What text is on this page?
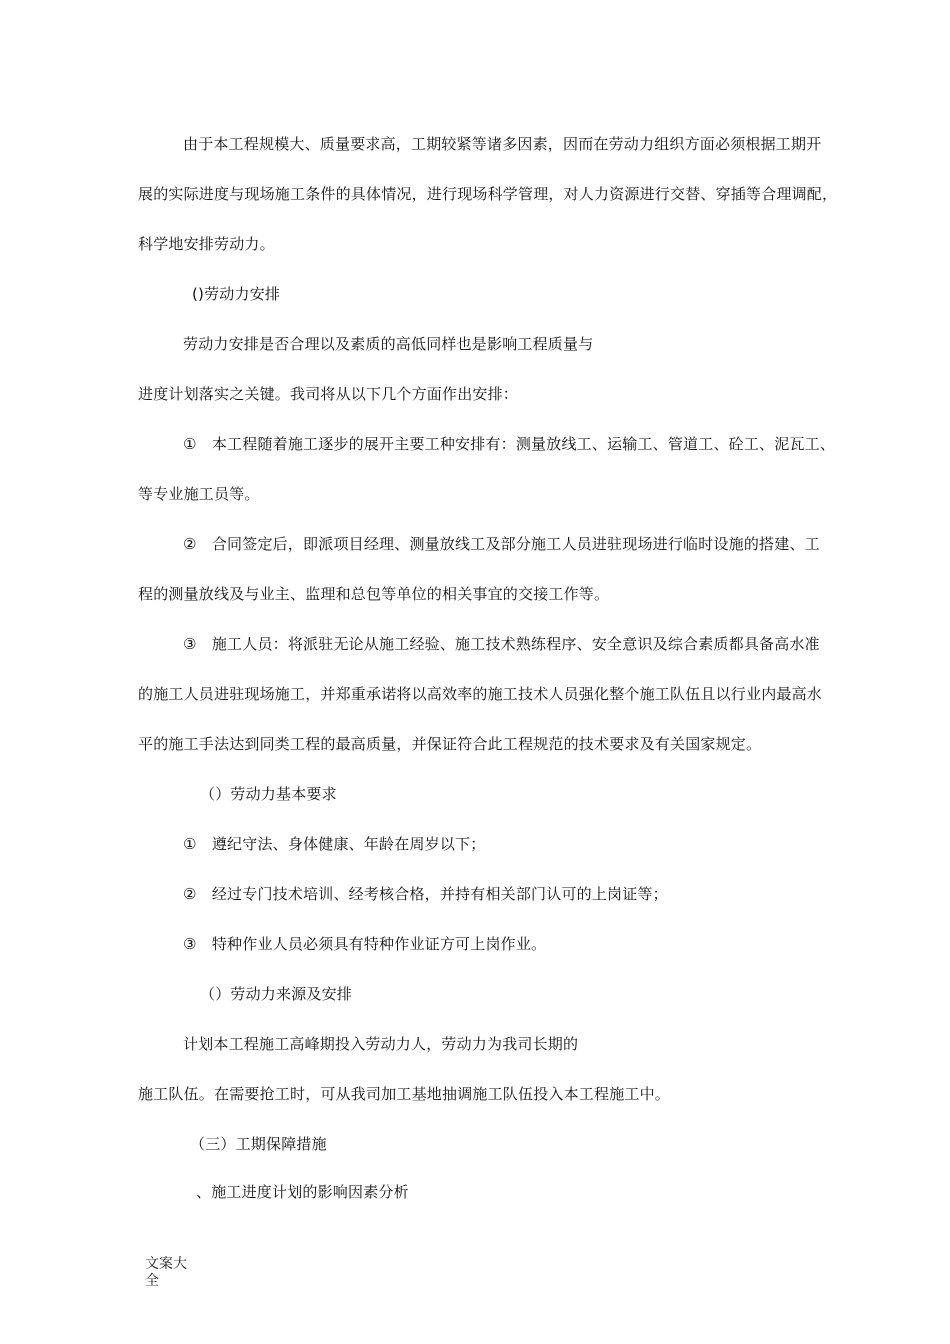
由于本工程规模大、质量要求高，工期较紧等诸多因素，因而在劳动力组织方面必须根据工期开
展的实际进度与现场施工条件的具体情况，进行现场科学管理，对人力资源进行交替、穿插等合理调配，
科学地安排劳动力。
()劳动力安排
劳动力安排是否合理以及素质的高低同样也是影响工程质量与
进度计划落实之关键。我司将从以下几个方面作出安排：
①　本工程随着施工逐步的展开主要工种安排有：测量放线工、运输工、管道工、砼工、泥瓦工、
等专业施工员等。
②　合同签定后，即派项目经理、测量放线工及部分施工人员进驻现场进行临时设施的搭建、工
程的测量放线及与业主、监理和总包等单位的相关事宜的交接工作等。
③　施工人员：将派驻无论从施工经验、施工技术熟练程序、安全意识及综合素质都具备高水准
的施工人员进驻现场施工，并郑重承诺将以高效率的施工技术人员强化整个施工队伍且以行业内最高水
平的施工手法达到同类工程的最高质量，并保证符合此工程规范的技术要求及有关国家规定。
（）劳动力基本要求
①　遵纪守法、身体健康、年龄在周岁以下；
②　经过专门技术培训、经考核合格，并持有相关部门认可的上岗证等；
③　特种作业人员必须具有特种作业证方可上岗作业。
（）劳动力来源及安排
计划本工程施工高峰期投入劳动力人，劳动力为我司长期的
施工队伍。在需要抢工时，可从我司加工基地抽调施工队伍投入本工程施工中。
（三）工期保障措施
、施工进度计划的影响因素分析
文案大全
